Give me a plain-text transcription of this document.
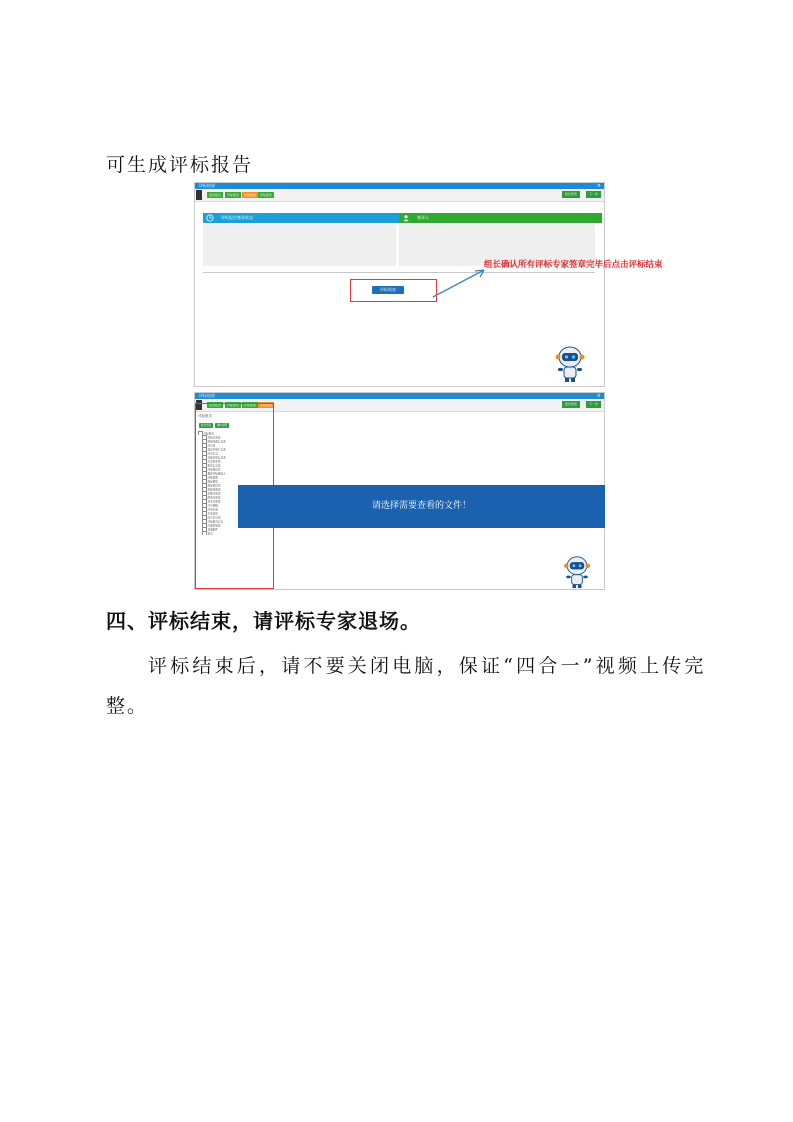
可生成评标报告
评标结果	×
报价报告	开标报告	评标结果	评标报告	报告预览	下一步
评标报告签章状态	签章人
评标结束
组长确认所有评标专家签章完毕后点击评标结束
评标结果	×
报价报告	开标报告	评标结果	评标报告	报告预览	下一步
评标报告
报告列表	操作说明
评标报告
开标记录表
资格审查汇总表
评分表
初步评审汇总表
评分汇总
详细评审汇总表
专家签字表
报价汇总表
评标委员会
推荐中标候选人
评标结果
废标情况
投标报价表
资格审查表
价格评审表
商务评审表
技术评审表
评分明细
评审记录
专家意见
综合评分表
评标报告汇总
评委签到表
其他附件
签章
请选择需要查看的文件！
四、评标结束，请评标专家退场。
评标结束后，请不要关闭电脑，保证“四合一”视频上传完
整。
